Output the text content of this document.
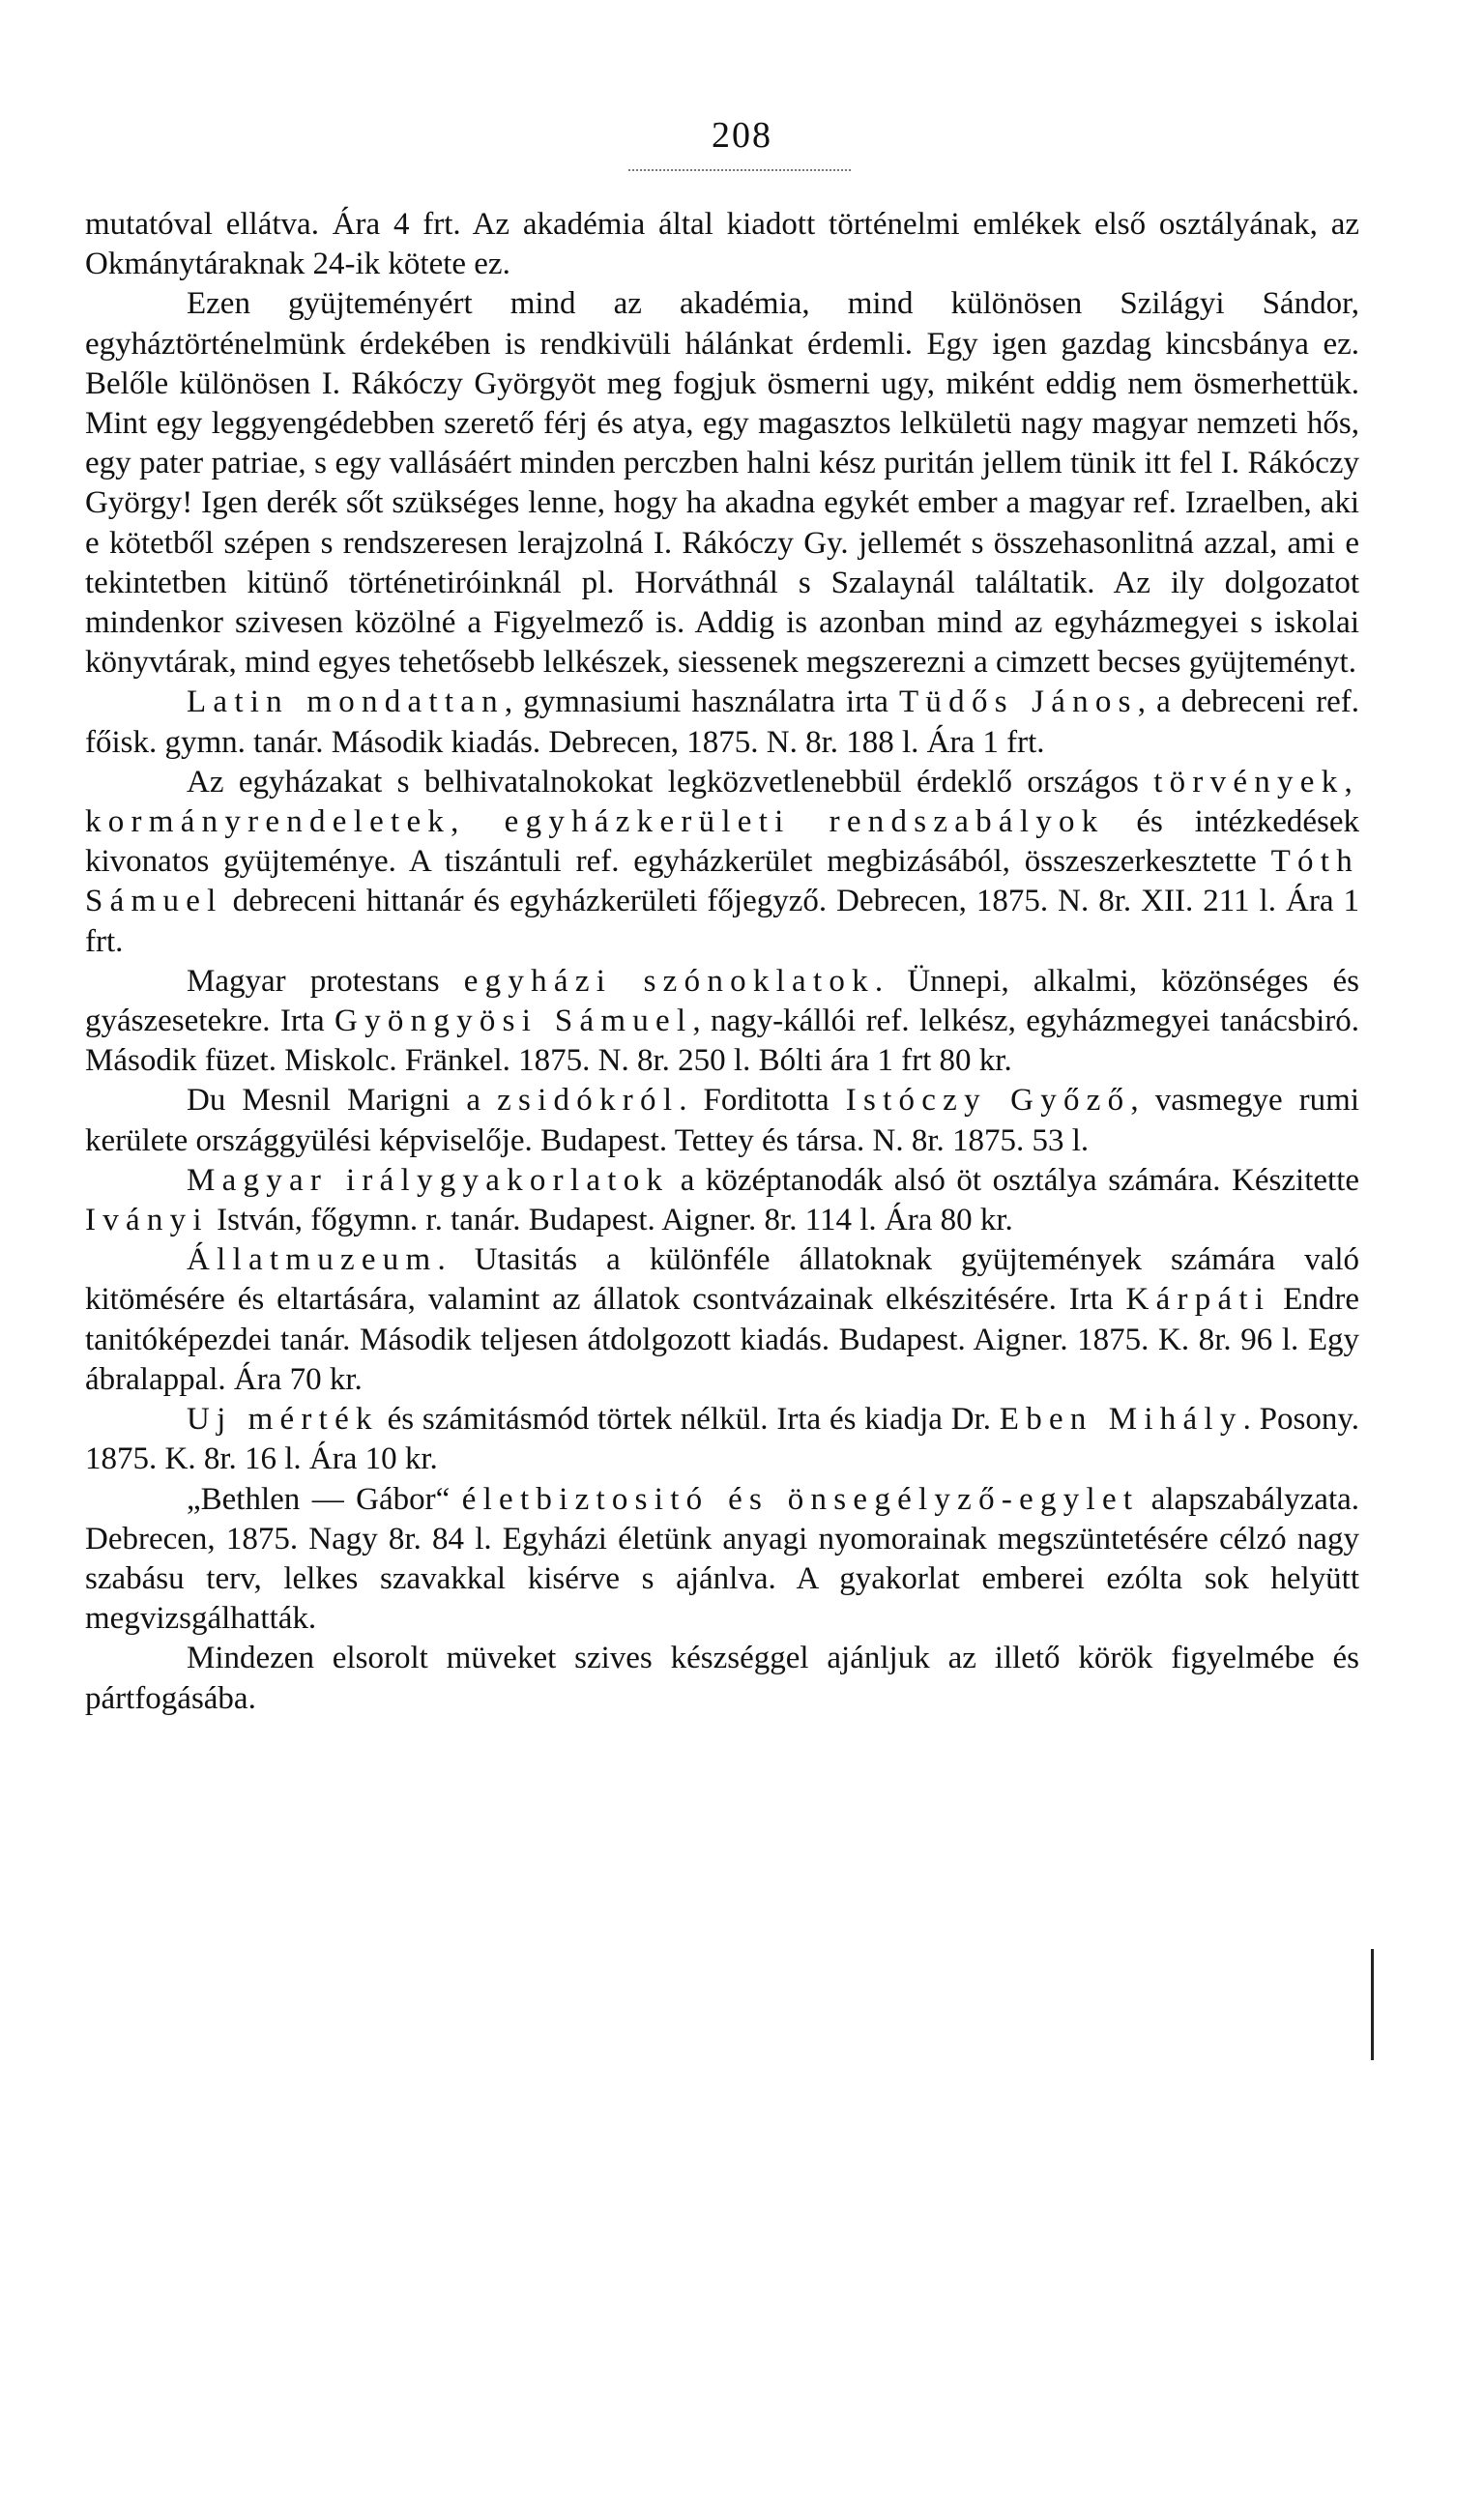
208

mutatóval ellátva. Ára 4 frt. Az akadémia által kiadott történelmi emlékek első osztályának, az Okmánytáraknak 24-ik kötete ez.

Ezen gyüjteményért mind az akadémia, mind különösen Szilágyi Sándor, egyháztörténelmünk érdekében is rendkivüli hálánkat érdemli. Egy igen gazdag kincsbánya ez. Belőle különösen I. Rákóczy Györgyöt meg fogjuk ösmerni ugy, miként eddig nem ösmerhettük. Mint egy leggyengédebben szerető férj és atya, egy magasztos lelkületü nagy magyar nemzeti hős, egy pater patriae, s egy vallásáért minden perczben halni kész puritán jellem tünik itt fel I. Rákóczy György! Igen derék sőt szükséges lenne, hogy ha akadna egykét ember a magyar ref. Izraelben, aki e kötetből szépen s rendszeresen lerajzolná I. Rákóczy Gy. jellemét s összehasonlitná azzal, ami e tekintetben kitünő történetiróinknál pl. Horváthnál s Szalaynál találtatik. Az ily dolgozatot mindenkor szivesen közölné a Figyelmező is. Addig is azonban mind az egyházmegyei s iskolai könyvtárak, mind egyes tehetősebb lelkészek, siessenek megszerezni a cimzett becses gyüjteményt.

Latin mondattan, gymnasiumi használatra irta Tüdős János, a debreceni ref. főisk. gymn. tanár. Második kiadás. Debrecen, 1875. N. 8r. 188 l. Ára 1 frt.

Az egyházakat s belhivatalnokokat legközvetlenebbül érdeklő országos törvények, kormányrendeletek, egyházkerületi rendszabályok és intézkedések kivonatos gyüjteménye. A tiszántuli ref. egyházkerület megbizásából, összeszerkesztette Tóth Sámuel debreceni hittanár és egyházkerületi főjegyző. Debrecen, 1875. N. 8r. XII. 211 l. Ára 1 frt.

Magyar protestans egyházi szónoklatok. Ünnepi, alkalmi, közönséges és gyászesetekre. Irta Gyöngyösi Sámuel, nagy-kállói ref. lelkész, egyházmegyei tanácsbiró. Második füzet. Miskolc. Fränkel. 1875. N. 8r. 250 l. Bólti ára 1 frt 80 kr.

Du Mesnil Marigni a zsidókról. Forditotta Istóczy Győző, vasmegye rumi kerülete országgyülési képviselője. Budapest. Tettey és társa. N. 8r. 1875. 53 l.

Magyar irálygyakorlatok a középtanodák alsó öt osztálya számára. Készitette Iványi István, főgymn. r. tanár. Budapest. Aigner. 8r. 114 l. Ára 80 kr.

Állatmuzeum. Utasitás a különféle állatoknak gyüjtemények számára való kitömésére és eltartására, valamint az állatok csontvázainak elkészitésére. Irta Kárpáti Endre tanitóképezdei tanár. Második teljesen átdolgozott kiadás. Budapest. Aigner. 1875. K. 8r. 96 l. Egy ábralappal. Ára 70 kr.

Uj mérték és számitásmód törtek nélkül. Irta és kiadja Dr. Eben Mihály. Posony. 1875. K. 8r. 16 l. Ára 10 kr.

„Bethlen — Gábor“ életbiztositó és önsegélyző-egylet alapszabályzata. Debrecen, 1875. Nagy 8r. 84 l. Egyházi életünk anyagi nyomorainak megszüntetésére célzó nagy szabásu terv, lelkes szavakkal kisérve s ajánlva. A gyakorlat emberei ezólta sok helyütt megvizsgálhatták.

Mindezen elsorolt müveket szives készséggel ajánljuk az illető körök figyelmébe és pártfogásába.
